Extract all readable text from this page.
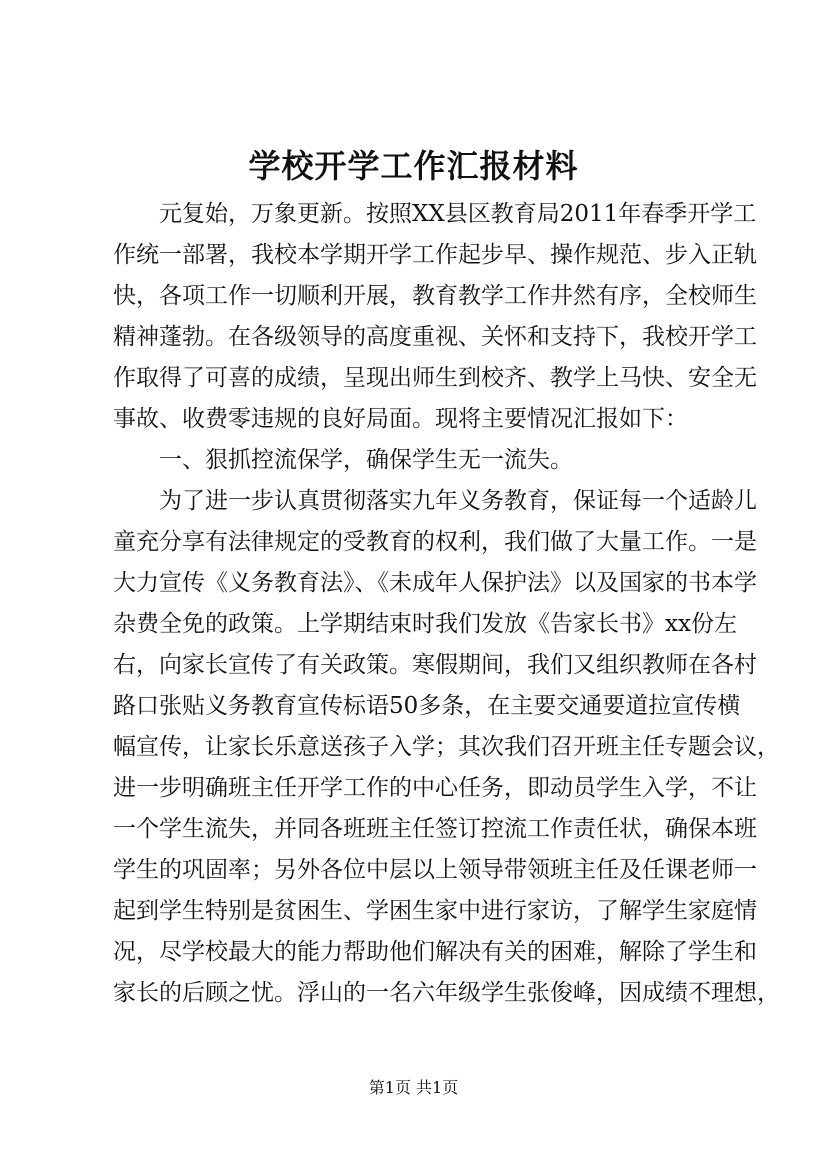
学校开学工作汇报材料
　　元复始，万象更新。按照XX县区教育局2011年春季开学工
作统一部署，我校本学期开学工作起步早、操作规范、步入正轨
快，各项工作一切顺利开展，教育教学工作井然有序，全校师生
精神蓬勃。在各级领导的高度重视、关怀和支持下，我校开学工
作取得了可喜的成绩，呈现出师生到校齐、教学上马快、安全无
事故、收费零违规的良好局面。现将主要情况汇报如下：
　　一、狠抓控流保学，确保学生无一流失。
　　为了进一步认真贯彻落实九年义务教育，保证每一个适龄儿
童充分享有法律规定的受教育的权利，我们做了大量工作。一是
大力宣传《义务教育法》、《未成年人保护法》以及国家的书本学
杂费全免的政策。上学期结束时我们发放《告家长书》xx份左
右，向家长宣传了有关政策。寒假期间，我们又组织教师在各村
路口张贴义务教育宣传标语50多条，在主要交通要道拉宣传横
幅宣传，让家长乐意送孩子入学；其次我们召开班主任专题会议，
进一步明确班主任开学工作的中心任务，即动员学生入学，不让
一个学生流失，并同各班班主任签订控流工作责任状，确保本班
学生的巩固率；另外各位中层以上领导带领班主任及任课老师一
起到学生特别是贫困生、学困生家中进行家访，了解学生家庭情
况，尽学校最大的能力帮助他们解决有关的困难，解除了学生和
家长的后顾之忧。浮山的一名六年级学生张俊峰，因成绩不理想，
第1页 共1页
